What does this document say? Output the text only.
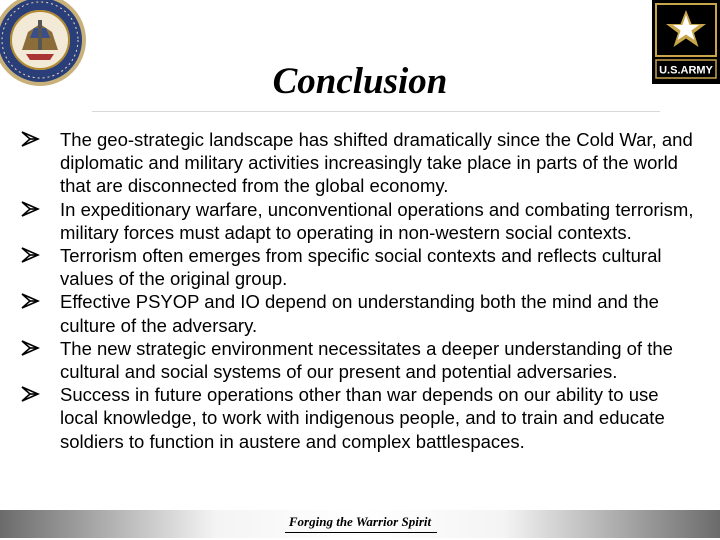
U.S.ARMY
Conclusion
The geo-strategic landscape has shifted dramatically since the Cold War, and diplomatic and military activities increasingly take place in parts of the world that are disconnected from the global economy.
In expeditionary warfare, unconventional operations and combating terrorism, military forces must adapt to operating in non-western social contexts.
Terrorism often emerges from specific social contexts and reflects cultural values of the original group.
Effective PSYOP and IO depend on understanding both the mind and the culture of the adversary.
The new strategic environment necessitates a deeper understanding of the cultural and social systems of our present and potential adversaries.
Success in future operations other than war depends on our ability to use local knowledge, to work with indigenous people, and to train and educate soldiers to function in austere and complex battlespaces.
Forging the Warrior Spirit
